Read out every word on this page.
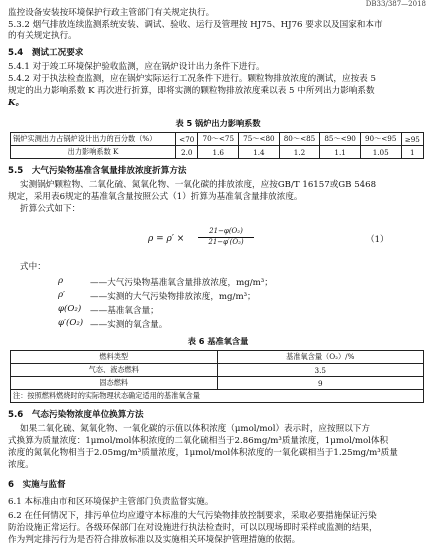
DB33/387—2018
监控设备安装按环境保护行政主管部门有关规定执行。
5.3.2 烟气排放连续监测系统安装、调试、验收、运行及管理按 HJ75、HJ76 要求以及国家和本市
的有关规定执行。
5.4　测试工况要求
5.4.1 对于竣工环境保护验收监测，应在锅炉设计出力条件下进行。
5.4.2 对于执法检查监测，应在锅炉实际运行工况条件下进行。颗粒物排放浓度的测试，应按表 5
规定的出力影响系数 K 再次进行折算，即将实测的颗粒物排放浓度乘以表 5 中所列出力影响系数
K。
表 5 锅炉出力影响系数
锅炉实测出力占锅炉设计出力的百分数（%）	<70	70～<75	75～<80	80～<85	85～<90	90～<95	≥95
出力影响系数 K	2.0	1.6	1.4	1.2	1.1	1.05	1
5.5　大气污染物基准含氧量排放浓度折算方法
实测锅炉颗粒物、二氧化硫、氮氧化物、一氧化碳的排放浓度，应按GB/T 16157或GB 5468
规定，采用表6规定的基准氧含量按照公式（1）折算为基准氧含量排放浓度。
折算公式如下：
ρ = ρ′ ×
21−φ(O₂)
21−φ′(O₂)	（1）
式中：
ρ	——大气污染物基准氧含量排放浓度，mg/m³；
ρ′	——实测的大气污染物排放浓度，mg/m³；
φ(O₂) ——基准氧含量；
φ′(O₂) ——实测的氧含量。
表 6 基准氧含量
燃料类型	基准氧含量（O₂）/%
气态、液态燃料	3.5
固态燃料	9
注：按照燃料燃烧时的实际物理状态确定适用的基准氧含量	
5.6　气态污染物浓度单位换算方法
如果二氧化硫、氮氧化物、一氧化碳的示值以体积浓度（μmol/mol）表示时，应按照以下方
式换算为质量浓度：1μmol/mol体积浓度的二氧化硫相当于2.86mg/m³质量浓度，1μmol/mol体积
浓度的氮氧化物相当于2.05mg/m³质量浓度，1μmol/mol体积浓度的一氧化碳相当于1.25mg/m³质量
浓度。
6　实施与监督
6.1 本标准由市和区环境保护主管部门负责监督实施。
6.2 在任何情况下，排污单位均应遵守本标准的大气污染物排放控制要求，采取必要措施保证污染
防治设施正常运行。各级环保部门在对设施进行执法检查时，可以以现场即时采样或监测的结果，
作为判定排污行为是否符合排放标准以及实施相关环境保护管理措施的依据。
